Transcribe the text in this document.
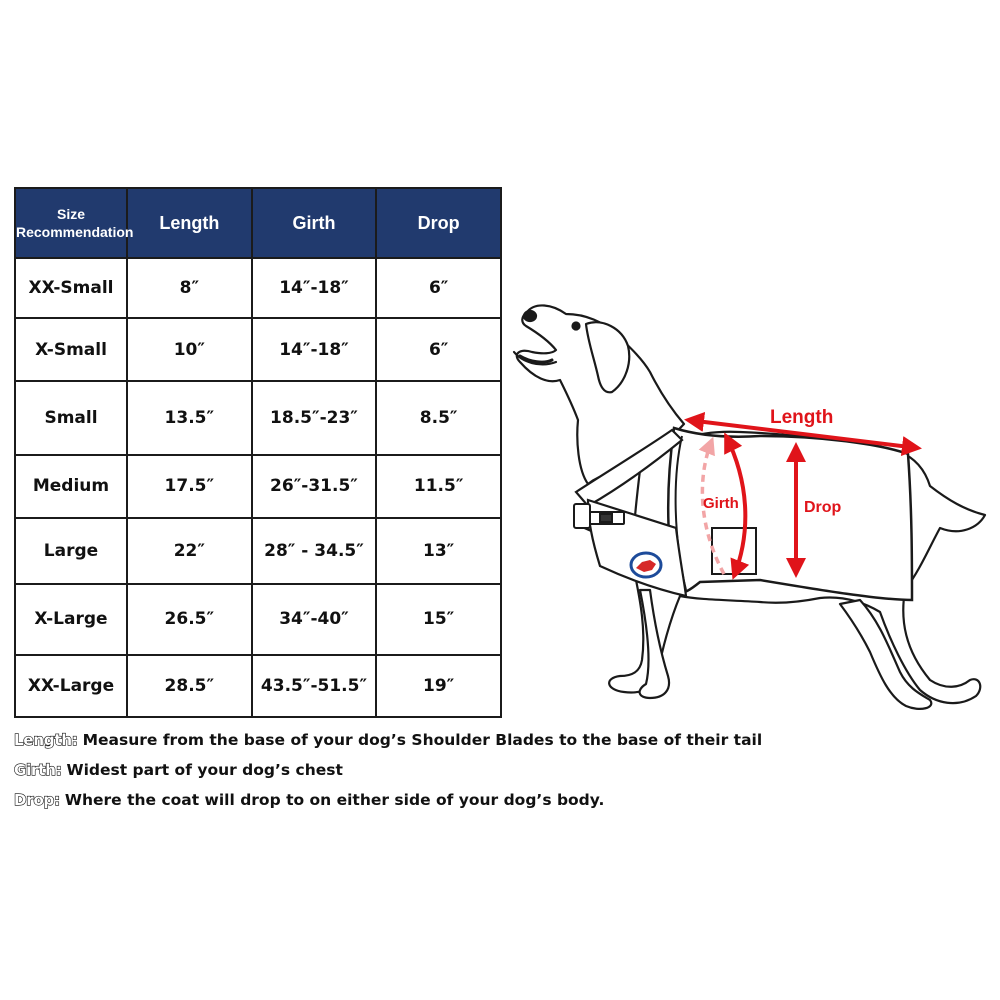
Size
Recommendation	Length	Girth	Drop
XX-Small	8″	14″-18″	6″
X-Small	10″	14″-18″	6″
Small	13.5″	18.5″-23″	8.5″
Medium	17.5″	26″-31.5″	11.5″
Large	22″	28″ - 34.5″	13″
X-Large	26.5″	34″-40″	15″
XX-Large	28.5″	43.5″-51.5″	19″
Length: Measure from the base of your dog’s Shoulder Blades to the base of their tail
Girth: Widest part of your dog’s chest
Drop: Where the coat will drop to on either side of your dog’s body.
Length
Girth	Drop
